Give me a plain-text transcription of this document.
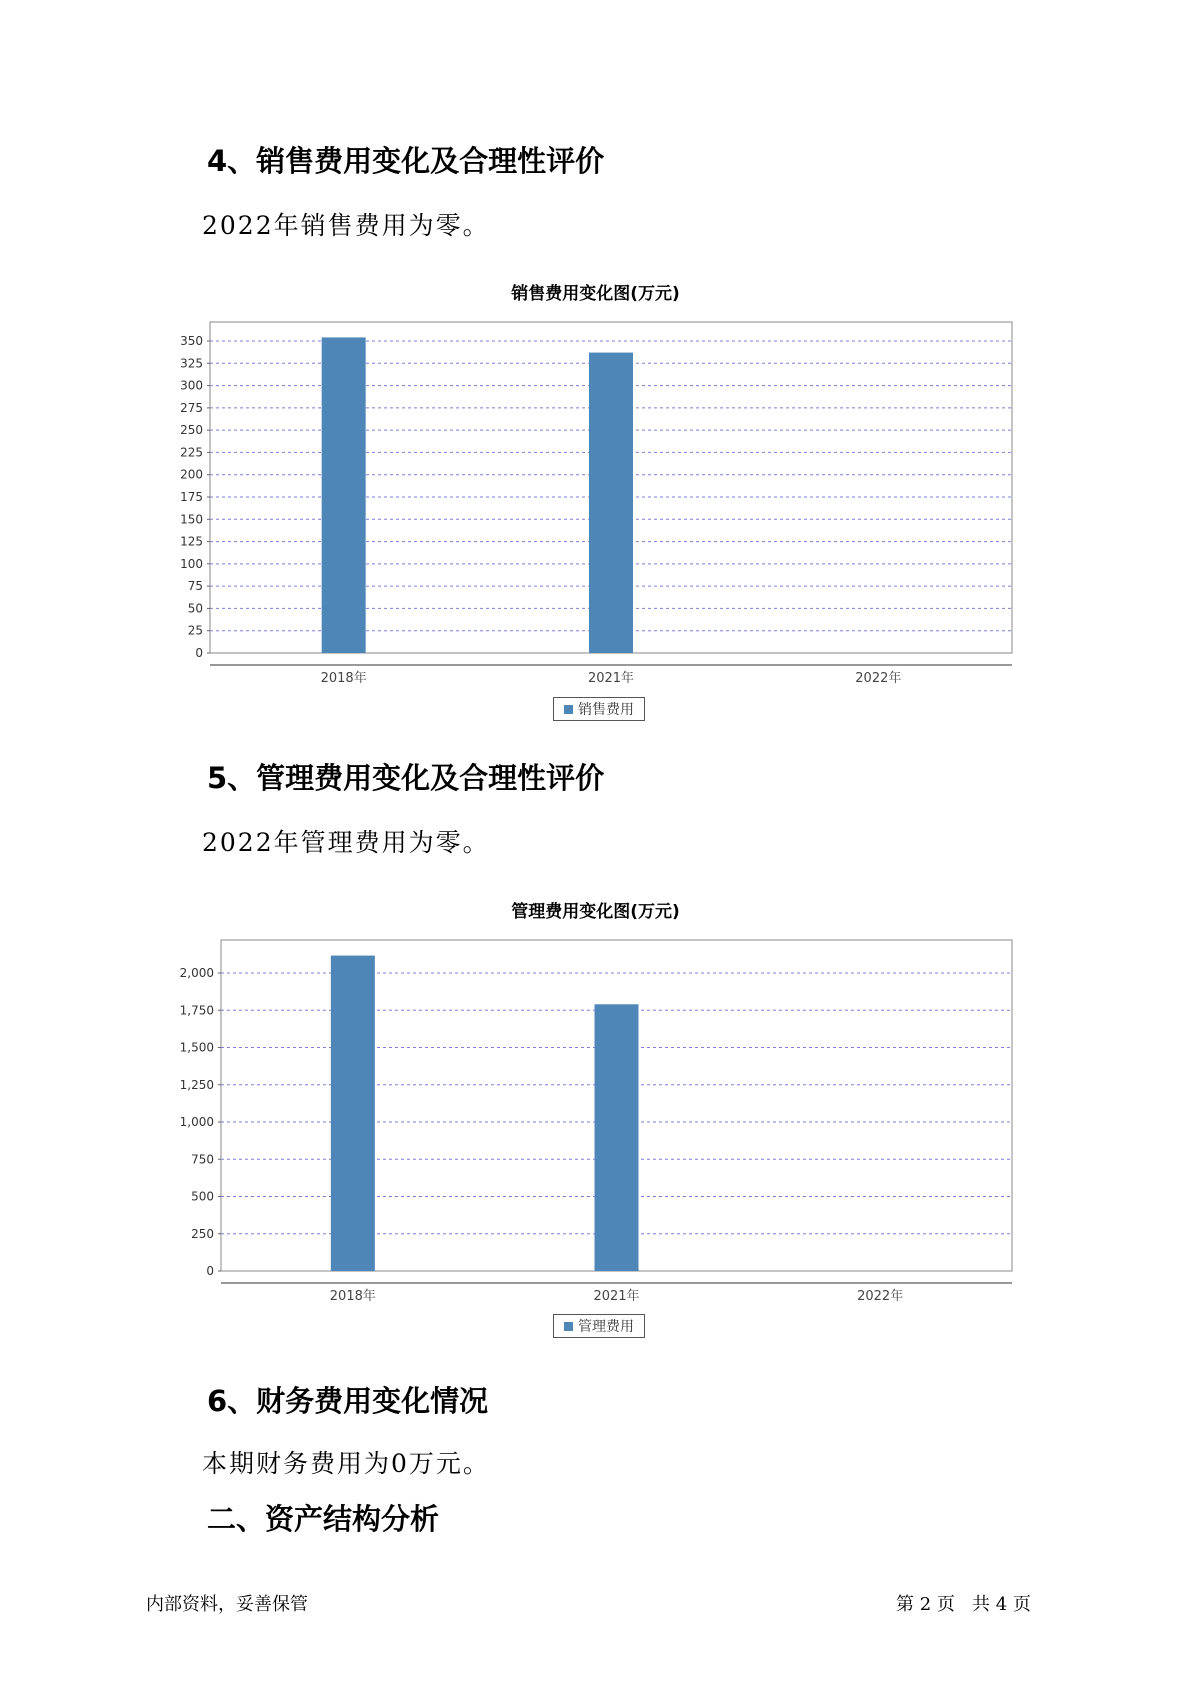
4、销售费用变化及合理性评价

2022年销售费用为零。

销售费用变化图(万元)
0
25
50
75
100
125
150
175
200
225
250
275
300
325
350
2018年	2021年	2022年
销售费用
5、管理费用变化及合理性评价

2022年管理费用为零。

管理费用变化图(万元)
0
250
500
750
1,000
1,250
1,500
1,750
2,000
2018年	2021年	2022年
管理费用
6、财务费用变化情况

本期财务费用为0万元。

二、资产结构分析
内部资料，妥善保管	第 2 页   共 4 页
